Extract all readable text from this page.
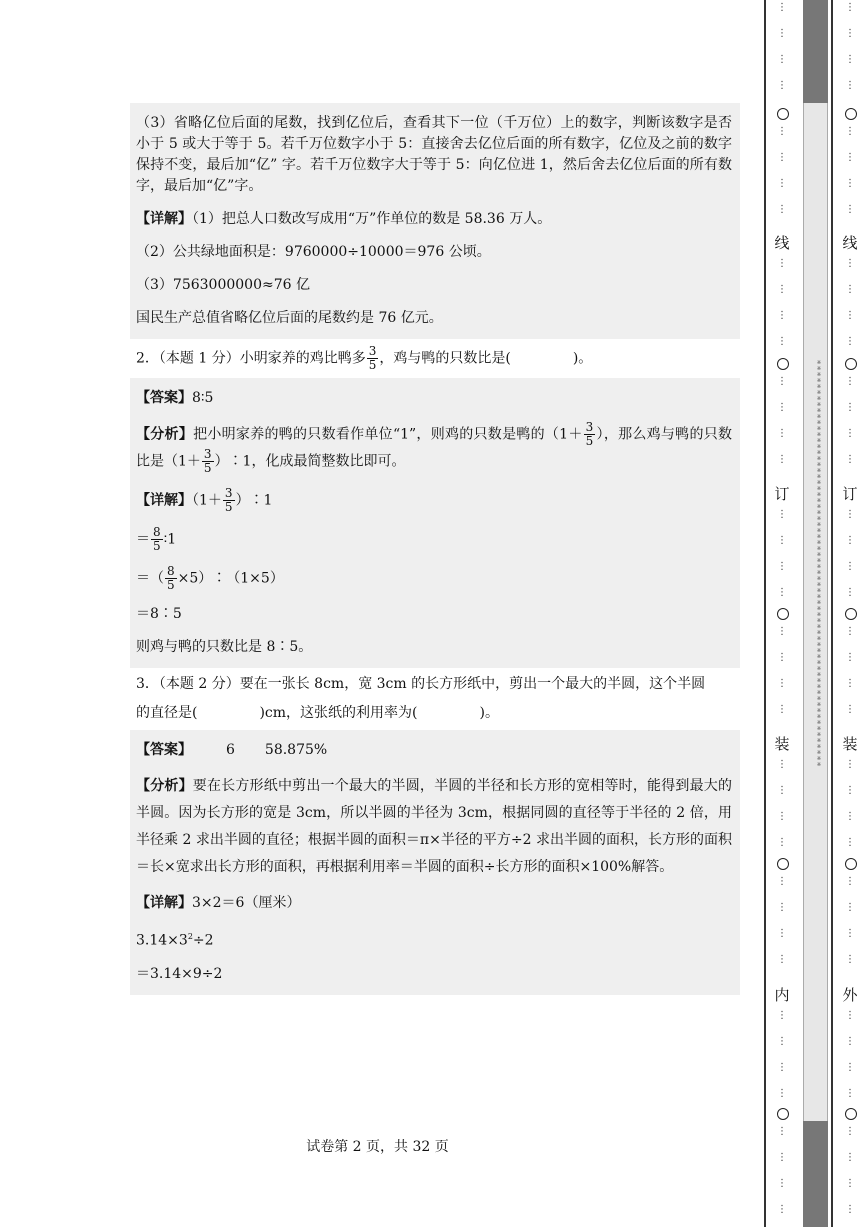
（3）省略亿位后面的尾数，找到亿位后，查看其下一位（千万位）上的数字，判断该数字是否小于 5 或大于等于 5。若千万位数字小于 5：直接舍去亿位后面的所有数字，亿位及之前的数字保持不变，最后加“亿” 字。若千万位数字大于等于 5：向亿位进 1，然后舍去亿位后面的所有数字，最后加“亿”字。

【详解】（1）把总人口数改写成用“万”作单位的数是 58.36 万人。

（2）公共绿地面积是：9760000÷10000＝976 公顷。

（3）7563000000≈76 亿

国民生产总值省略亿位后面的尾数约是 76 亿元。

2．（本题 1 分）小明家养的鸡比鸭多 $\frac{3}{5}$ ，鸡与鸭的只数比是(	)。

【答案】8∶5

【分析】把小明家养的鸭的只数看作单位“1”，则鸡的只数是鸭的（$1+ \frac{3}{5}$ ），那么鸡与鸭的只数比是（$1+ \frac{3}{5}$ ）∶1，化成最简整数比即可。

【详解】（$1+ \frac{3}{5}$ ）∶1

＝ $\frac{8}{5}$ ∶1

＝（ $\frac{8}{5}$ ×5）∶（1×5）

＝8∶5

则鸡与鸭的只数比是 8∶5。

3．（本题 2 分）要在一张长 8cm，宽 3cm 的长方形纸中，剪出一个最大的半圆，这个半圆
的直径是(	)cm，这张纸的利用率为(	)。

【答案】 6 58.875%

【分析】要在长方形纸中剪出一个最大的半圆，半圆的半径和长方形的宽相等时，能得到最大的半圆。因为长方形的宽是 3cm，所以半圆的半径为 3cm，根据同圆的直径等于半径的 2 倍，用半径乘 2 求出半圆的直径；根据半圆的面积＝π×半径的平方÷2 求出半圆的面积，长方形的面积＝长×宽求出长方形的面积，再根据利用率＝半圆的面积÷长方形的面积×100%解答。

【详解】3×2＝6（厘米）

$3.14\times 3^2\div 2$

＝3.14×9÷2

试卷第 2 页，共 32 页
⋮
⋮
⋮
⋮
⋮
⋮
⋮
⋮
⋮
⋮
⋮
⋮
⋮
⋮
⋮
⋮
⋮
⋮
⋮
⋮
⋮
⋮
⋮
⋮
⋮
⋮
⋮
⋮
⋮
⋮
⋮
⋮
⋮
⋮
⋮
⋮
⋮
⋮
⋮
⋮
线
订
装
内
※※※※※※※※※※※※※※※※※※※※※※※※※※※※※※※※※※※※※※※※※※※※※※※※※※※※※※※※※※※※※※※※※※※※
⋮
⋮
⋮
⋮
⋮
⋮
⋮
⋮
⋮
⋮
⋮
⋮
⋮
⋮
⋮
⋮
⋮
⋮
⋮
⋮
⋮
⋮
⋮
⋮
⋮
⋮
⋮
⋮
⋮
⋮
⋮
⋮
⋮
⋮
⋮
⋮
⋮
⋮
⋮
⋮
线
订
装
外
